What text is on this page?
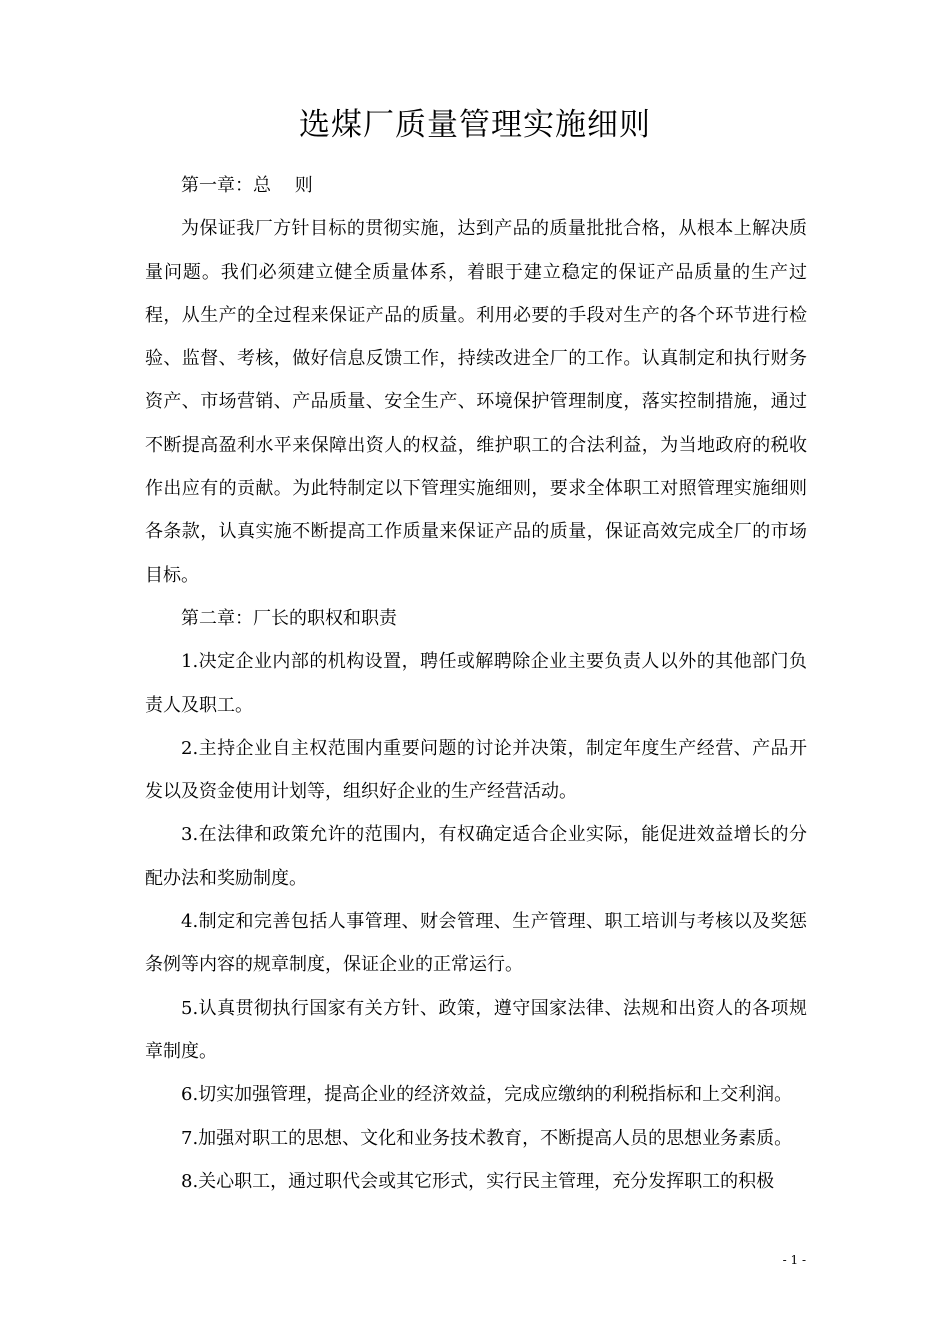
选煤厂质量管理实施细则

第一章：总　 则

为保证我厂方针目标的贯彻实施，达到产品的质量批批合格，从根本上解决质量问题。我们必须建立健全质量体系，着眼于建立稳定的保证产品质量的生产过程，从生产的全过程来保证产品的质量。利用必要的手段对生产的各个环节进行检验、监督、考核，做好信息反馈工作，持续改进全厂的工作。认真制定和执行财务资产、市场营销、产品质量、安全生产、环境保护管理制度，落实控制措施，通过不断提高盈利水平来保障出资人的权益，维护职工的合法利益，为当地政府的税收作出应有的贡献。为此特制定以下管理实施细则，要求全体职工对照管理实施细则各条款，认真实施不断提高工作质量来保证产品的质量，保证高效完成全厂的市场目标。

第二章：厂长的职权和职责

1.决定企业内部的机构设置，聘任或解聘除企业主要负责人以外的其他部门负责人及职工。

2.主持企业自主权范围内重要问题的讨论并决策，制定年度生产经营、产品开发以及资金使用计划等，组织好企业的生产经营活动。

3.在法律和政策允许的范围内，有权确定适合企业实际，能促进效益增长的分配办法和奖励制度。

4.制定和完善包括人事管理、财会管理、生产管理、职工培训与考核以及奖惩条例等内容的规章制度，保证企业的正常运行。

5.认真贯彻执行国家有关方针、政策，遵守国家法律、法规和出资人的各项规章制度。

6.切实加强管理，提高企业的经济效益，完成应缴纳的利税指标和上交利润。

7.加强对职工的思想、文化和业务技术教育，不断提高人员的思想业务素质。

8.关心职工，通过职代会或其它形式，实行民主管理，充分发挥职工的积极

- 1 -
